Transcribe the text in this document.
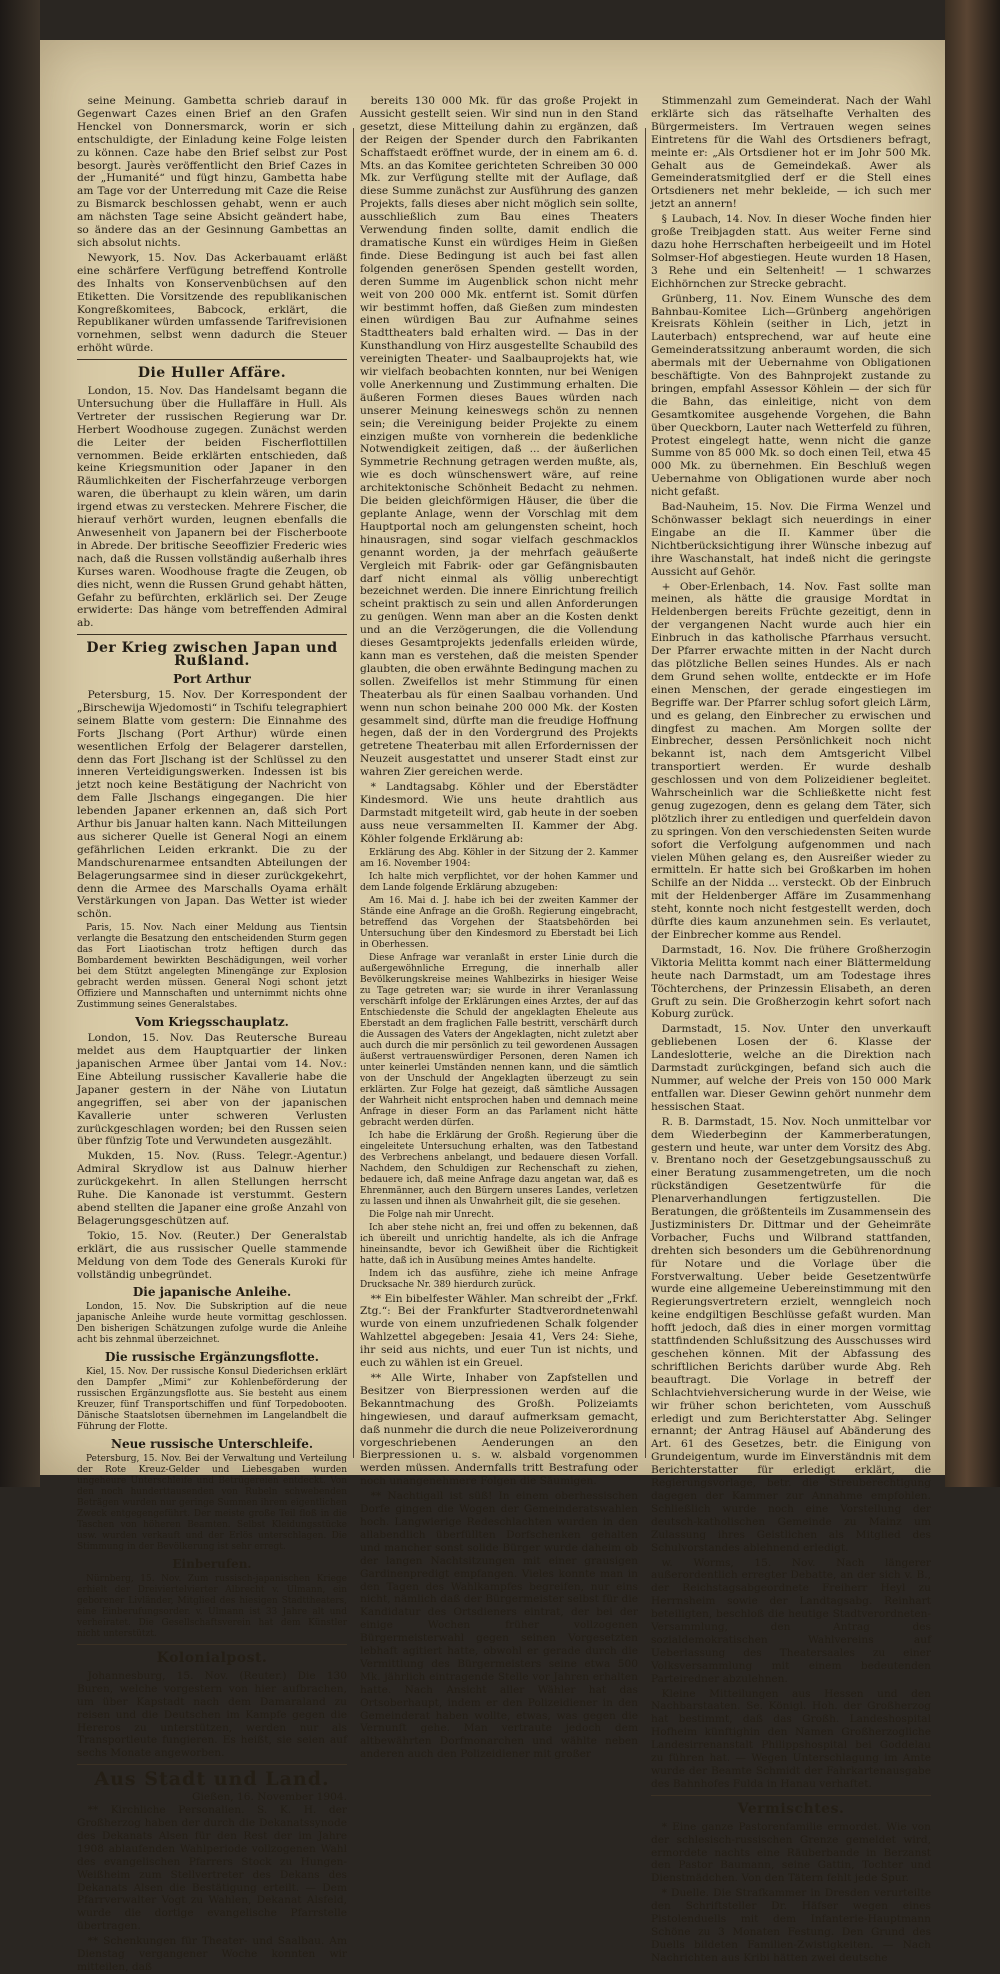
seine Meinung. Gambetta schrieb darauf in Gegenwart Cazes einen Brief an den Grafen Henckel von Donnersmarck, worin er sich entschuldigte, der Einladung keine Folge leisten zu können. Caze habe den Brief selbst zur Post besorgt. Jaurès veröffentlicht den Brief Cazes in der „Humanité“ und fügt hinzu, Gambetta habe am Tage vor der Unterredung mit Caze die Reise zu Bismarck beschlossen gehabt, wenn er auch am nächsten Tage seine Absicht geändert habe, so ändere das an der Gesinnung Gambettas an sich absolut nichts.

Newyork, 15. Nov. Das Ackerbauamt erläßt eine schärfere Verfügung betreffend Kontrolle des Inhalts von Konservenbüchsen auf den Etiketten. Die Vorsitzende des republikanischen Kongreßkomitees, Babcock, erklärt, die Republikaner würden umfassende Tarifrevisionen vornehmen, selbst wenn dadurch die Steuer erhöht würde.

Die Huller Affäre.

London, 15. Nov. Das Handelsamt begann die Untersuchung über die Hullaffäre in Hull. Als Vertreter der russischen Regierung war Dr. Herbert Woodhouse zugegen. Zunächst werden die Leiter der beiden Fischerflottillen vernommen. Beide erklärten entschieden, daß keine Kriegsmunition oder Japaner in den Räumlichkeiten der Fischerfahrzeuge verborgen waren, die überhaupt zu klein wären, um darin irgend etwas zu verstecken. Mehrere Fischer, die hierauf verhört wurden, leugnen ebenfalls die Anwesenheit von Japanern bei der Fischerboote in Abrede. Der britische Seeoffizier Frederic wies nach, daß die Russen vollständig außerhalb ihres Kurses waren. Woodhouse fragte die Zeugen, ob dies nicht, wenn die Russen Grund gehabt hätten, Gefahr zu befürchten, erklärlich sei. Der Zeuge erwiderte: Das hänge vom betreffenden Admiral ab.

Der Krieg zwischen Japan und Rußland.
Port Arthur

Petersburg, 15. Nov. Der Korrespondent der „Birschewija Wjedomosti“ in Tschifu telegraphiert seinem Blatte vom gestern: Die Einnahme des Forts Jlschang (Port Arthur) würde einen wesentlichen Erfolg der Belagerer darstellen, denn das Fort Jlschang ist der Schlüssel zu den inneren Verteidigungswerken. Indessen ist bis jetzt noch keine Bestätigung der Nachricht von dem Falle Jlschangs eingegangen. Die hier lebenden Japaner erkennen an, daß sich Port Arthur bis Januar halten kann. Nach Mitteilungen aus sicherer Quelle ist General Nogi an einem gefährlichen Leiden erkrankt. Die zu der Mandschurenarmee entsandten Abteilungen der Belagerungsarmee sind in dieser zurückgekehrt, denn die Armee des Marschalls Oyama erhält Verstärkungen von Japan. Das Wetter ist wieder schön.

Paris, 15. Nov. Nach einer Meldung aus Tientsin verlangte die Besatzung den entscheidenden Sturm gegen das Fort Liaotischan trotz heftigen durch das Bombardement bewirkten Beschädigungen, weil vorher bei dem Stützt angelegten Minengänge zur Explosion gebracht werden müssen. General Nogi schont jetzt Offiziere und Mannschaften und unternimmt nichts ohne Zustimmung seines Generalstabes.

Vom Kriegsschauplatz.

London, 15. Nov. Das Reutersche Bureau meldet aus dem Hauptquartier der linken japanischen Armee über Jantai vom 14. Nov.: Eine Abteilung russischer Kavallerie habe die Japaner gestern in der Nähe von Liutatun angegriffen, sei aber von der japanischen Kavallerie unter schweren Verlusten zurückgeschlagen worden; bei den Russen seien über fünfzig Tote und Verwundeten ausgezählt.

Mukden, 15. Nov. (Russ. Telegr.-Agentur.) Admiral Skrydlow ist aus Dalnuw hierher zurückgekehrt. In allen Stellungen herrscht Ruhe. Die Kanonade ist verstummt. Gestern abend stellten die Japaner eine große Anzahl von Belagerungsgeschützen auf.

Tokio, 15. Nov. (Reuter.) Der Generalstab erklärt, die aus russischer Quelle stammende Meldung von dem Tode des Generals Kuroki für vollständig unbegründet.

Die japanische Anleihe.

London, 15. Nov. Die Subskription auf die neue japanische Anleihe wurde heute vormittag geschlossen. Den bisherigen Schätzungen zufolge wurde die Anleihe acht bis zehnmal überzeichnet.

Die russische Ergänzungsflotte.

Kiel, 15. Nov. Der russische Konsul Diederichsen erklärt den Dampfer „Mimi“ zur Kohlenbeförderung der russischen Ergänzungsflotte aus. Sie besteht aus einem Kreuzer, fünf Transportschiffen und fünf Torpedobooten. Dänische Staatslotsen übernehmen im Langelandbelt die Führung der Flotte.

Neue russische Unterschleife.

Petersburg, 15. Nov. Bei der Verwaltung und Verteilung der Rote Kreuz-Gelder und Liebesgaben wurden ungeheure Unterschleife und Betrügereien entdeckt. Von den noch hunderttausenden von Rubeln schwebenden Beträgen wurden nur geringe Summen ihrem eigentlichen Zweck entgegengeführt. Der meiste große Teil floß in die Taschen von höheren Beamten. Selbst Kleidungsstücke usw. wurden verkauft und der Erlös unterschlagen. Die Stimmung in der Bevölkerung ist sehr erregt.

Einberufen.

Nürnberg, 15. Nov. Zum russisch-japanischen Kriege erhielt der Dreiviertelvierter Albrecht v. Ulmann, ein geborener Livländer, Mitglied des hiesigen Stadttheaters, eine Einberufungsorder. v. Ulmann ist 33 Jahre alt und verheiratet. Die Gesellschaftsverein hat dem Künstler nicht unterstützt.

Kolonialpost.

Johannesburg, 15. Nov. (Reuter.) Die 130 Buren, welche vorgestern von hier aufbrachen, um über Kapstadt nach dem Damaraland zu reisen und die Deutschen im Kampfe gegen die Hereros zu unterstützen, werden nur als Transportleute fungieren. Es heißt, sie seien auf sechs Monate angeworben.

Aus Stadt und Land.
Gießen, 16. November 1904.

** Kirchliche Personalien. S. K. H. der Großherzog haben der durch die Dekanatssynode des Dekanats Alsen für den Rest der im Jahre 1908 ablaufenden Wahlperiode vollzogenen Wahl des evangelischen Pfarrers Stock zu Hungen-Weißheim zum Stellvertreter des Dekans des Dekanats Alsen die Bestätigung erteilt. — Dem Pfarrverwalter Vogt zu Wahlen, Dekanat Alsfeld, wurde die dortige evangelische Pfarrstelle übertragen.

** Schenkungen für Theater- und Saalbau. Am Dienstag vergangener Woche konnten wir mitteilen, daß

bereits 130 000 Mk. für das große Projekt in Aussicht gestellt seien. Wir sind nun in den Stand gesetzt, diese Mitteilung dahin zu ergänzen, daß der Reigen der Spender durch den Fabrikanten Schaffstaedt eröffnet wurde, der in einem am 6. d. Mts. an das Komitee gerichteten Schreiben 30 000 Mk. zur Verfügung stellte mit der Auflage, daß diese Summe zunächst zur Ausführung des ganzen Projekts, falls dieses aber nicht möglich sein sollte, ausschließlich zum Bau eines Theaters Verwendung finden sollte, damit endlich die dramatische Kunst ein würdiges Heim in Gießen finde. Diese Bedingung ist auch bei fast allen folgenden generösen Spenden gestellt worden, deren Summe im Augenblick schon nicht mehr weit von 200 000 Mk. entfernt ist. Somit dürfen wir bestimmt hoffen, daß Gießen zum mindesten einen würdigen Bau zur Aufnahme seines Stadttheaters bald erhalten wird. — Das in der Kunsthandlung von Hirz ausgestellte Schaubild des vereinigten Theater- und Saalbauprojekts hat, wie wir vielfach beobachten konnten, nur bei Wenigen volle Anerkennung und Zustimmung erhalten. Die äußeren Formen dieses Baues würden nach unserer Meinung keineswegs schön zu nennen sein; die Vereinigung beider Projekte zu einem einzigen mußte von vornherein die bedenkliche Notwendigkeit zeitigen, daß ... der äußerlichen Symmetrie Rechnung getragen werden mußte, als, wie es doch wünschenswert wäre, auf reine architektonische Schönheit Bedacht zu nehmen. Die beiden gleichförmigen Häuser, die über die geplante Anlage, wenn der Vorschlag mit dem Hauptportal noch am gelungensten scheint, hoch hinausragen, sind sogar vielfach geschmacklos genannt worden, ja der mehrfach geäußerte Vergleich mit Fabrik- oder gar Gefängnisbauten darf nicht einmal als völlig unberechtigt bezeichnet werden. Die innere Einrichtung freilich scheint praktisch zu sein und allen Anforderungen zu genügen. Wenn man aber an die Kosten denkt und an die Verzögerungen, die die Vollendung dieses Gesamtprojekts jedenfalls erleiden würde, kann man es verstehen, daß die meisten Spender glaubten, die oben erwähnte Bedingung machen zu sollen. Zweifellos ist mehr Stimmung für einen Theaterbau als für einen Saalbau vorhanden. Und wenn nun schon beinahe 200 000 Mk. der Kosten gesammelt sind, dürfte man die freudige Hoffnung hegen, daß der in den Vordergrund des Projekts getretene Theaterbau mit allen Erfordernissen der Neuzeit ausgestattet und unserer Stadt einst zur wahren Zier gereichen werde.

* Landtagsabg. Köhler und der Eberstädter Kindesmord. Wie uns heute drahtlich aus Darmstadt mitgeteilt wird, gab heute in der soeben auss neue versammelten II. Kammer der Abg. Köhler folgende Erklärung ab:

Erklärung des Abg. Köhler in der Sitzung der 2. Kammer am 16. November 1904:

Ich halte mich verpflichtet, vor der hohen Kammer und dem Lande folgende Erklärung abzugeben:

Am 16. Mai d. J. habe ich bei der zweiten Kammer der Stände eine Anfrage an die Großh. Regierung eingebracht, betreffend das Vorgehen der Staatsbehörden bei Untersuchung über den Kindesmord zu Eberstadt bei Lich in Oberhessen.

Diese Anfrage war veranlaßt in erster Linie durch die außergewöhnliche Erregung, die innerhalb aller Bevölkerungskreise meines Wahlbezirks in hiesiger Weise zu Tage getreten war; sie wurde in ihrer Veranlassung verschärft infolge der Erklärungen eines Arztes, der auf das Entschiedenste die Schuld der angeklagten Eheleute aus Eberstadt an dem fraglichen Falle bestritt, verschärft durch die Aussagen des Vaters der Angeklagten, nicht zuletzt aber auch durch die mir persönlich zu teil gewordenen Aussagen äußerst vertrauenswürdiger Personen, deren Namen ich unter keinerlei Umständen nennen kann, und die sämtlich von der Unschuld der Angeklagten überzeugt zu sein erklärten. Zur Folge hat gezeigt, daß sämtliche Aussagen der Wahrheit nicht entsprochen haben und demnach meine Anfrage in dieser Form an das Parlament nicht hätte gebracht werden dürfen.

Ich habe die Erklärung der Großh. Regierung über die eingeleitete Untersuchung erhalten, was den Tatbestand des Verbrechens anbelangt, und bedauere diesen Vorfall. Nachdem, den Schuldigen zur Rechenschaft zu ziehen, bedauere ich, daß meine Anfrage dazu angetan war, daß es Ehrenmänner, auch den Bürgern unseres Landes, verletzen zu lassen und ihnen als Unwahrheit gilt, die sie gesehen.

Die Folge nah mir Unrecht.

Ich aber stehe nicht an, frei und offen zu bekennen, daß ich übereilt und unrichtig handelte, als ich die Anfrage hineinsandte, bevor ich Gewißheit über die Richtigkeit hatte, daß ich in Ausübung meines Amtes handelte.

Indem ich das ausführe, ziehe ich meine Anfrage Drucksache Nr. 389 hierdurch zurück.

** Ein bibelfester Wähler. Man schreibt der „Frkf. Ztg.“: Bei der Frankfurter Stadtverordnetenwahl wurde von einem unzufriedenen Schalk folgender Wahlzettel abgegeben: Jesaia 41, Vers 24: Siehe, ihr seid aus nichts, und euer Tun ist nichts, und euch zu wählen ist ein Greuel.

** Alle Wirte, Inhaber von Zapfstellen und Besitzer von Bierpressionen werden auf die Bekanntmachung des Großh. Polizeiamts hingewiesen, und darauf aufmerksam gemacht, daß nunmehr die durch die neue Polizeiverordnung vorgeschriebenen Aenderungen an den Bierpressionen u. s. w. alsbald vorgenommen werden müssen. Andernfalls tritt Bestrafung oder noch unangenehmere Folgen die Säumigen.

** Nachtigall ist süß! In einem oberhessischen Dorfe gingen die Wogen der Gemeinderatswahlen hoch. Langwierige Redeschlachten wurden in den allabendlich überfüllten Dorfschenken gehalten und mancher sonst solide Bürger wurde daheim ob der langen Nachtsitzungen mit einer grausigen Gardinenpredigt empfangen. Vieles konnte man in den Tagen des Wahlkampfes begreifen, nur eins nicht, nämlich daß der Bürgermeister selbst für die Kandidatur des Ortsdieners eintrat, der bei der einige Wochen früher vollzogenen Bürgermeisterwahl gegen seinen Vorgesetzten lebhaft agitiert hatte, obwohl er gerade durch die Vermittlung des Bürgermeisters seine etwa 500 Mk. jährlich eintragende Stelle vor Jahren erhalten hatte. Nach Ansicht aller Wähler hat das Ortsoberhaupt, indem er den Polizeidiener in den Gemeinderat haben wollte, etwas, was gegen die Vernunft gehe. Man vertraute jedoch dem altbewährten Dorfmonarchen und wählte neben anderen auch den Polizeidiener mit großer

Stimmenzahl zum Gemeinderat. Nach der Wahl erklärte sich das rätselhafte Verhalten des Bürgermeisters. Im Vertrauen wegen seines Eintretens für die Wahl des Ortsdieners befragt, meinte er: „Als Ortsdiener hot er im Johr 500 Mk. Gehalt aus de Gemeindekaß. Awer als Gemeinderatsmitglied derf er die Stell eines Ortsdieners net mehr bekleide, — ich such mer jetzt an annern!

§ Laubach, 14. Nov. In dieser Woche finden hier große Treibjagden statt. Aus weiter Ferne sind dazu hohe Herrschaften herbeigeeilt und im Hotel Solmser-Hof abgestiegen. Heute wurden 18 Hasen, 3 Rehe und ein Seltenheit! — 1 schwarzes Eichhörnchen zur Strecke gebracht.

Grünberg, 11. Nov. Einem Wunsche des dem Bahnbau-Komitee Lich—Grünberg angehörigen Kreisrats Köhlein (seither in Lich, jetzt in Lauterbach) entsprechend, war auf heute eine Gemeinderatssitzung anberaumt worden, die sich abermals mit der Uebernahme von Obligationen beschäftigte. Von des Bahnprojekt zustande zu bringen, empfahl Assessor Köhlein — der sich für die Bahn, das einleitige, nicht von dem Gesamtkomitee ausgehende Vorgehen, die Bahn über Queckborn, Lauter nach Wetterfeld zu führen, Protest eingelegt hatte, wenn nicht die ganze Summe von 85 000 Mk. so doch einen Teil, etwa 45 000 Mk. zu übernehmen. Ein Beschluß wegen Uebernahme von Obligationen wurde aber noch nicht gefaßt.

Bad-Nauheim, 15. Nov. Die Firma Wenzel und Schönwasser beklagt sich neuerdings in einer Eingabe an die II. Kammer über die Nichtberücksichtigung ihrer Wünsche inbezug auf ihre Waschanstalt, hat indeß nicht die geringste Aussicht auf Gehör.

+ Ober-Erlenbach, 14. Nov. Fast sollte man meinen, als hätte die grausige Mordtat in Heldenbergen bereits Früchte gezeitigt, denn in der vergangenen Nacht wurde auch hier ein Einbruch in das katholische Pfarrhaus versucht. Der Pfarrer erwachte mitten in der Nacht durch das plötzliche Bellen seines Hundes. Als er nach dem Grund sehen wollte, entdeckte er im Hofe einen Menschen, der gerade eingestiegen im Begriffe war. Der Pfarrer schlug sofort gleich Lärm, und es gelang, den Einbrecher zu erwischen und dingfest zu machen. Am Morgen sollte der Einbrecher, dessen Persönlichkeit noch nicht bekannt ist, nach dem Amtsgericht Vilbel transportiert werden. Er wurde deshalb geschlossen und von dem Polizeidiener begleitet. Wahrscheinlich war die Schließkette nicht fest genug zugezogen, denn es gelang dem Täter, sich plötzlich ihrer zu entledigen und querfeldein davon zu springen. Von den verschiedensten Seiten wurde sofort die Verfolgung aufgenommen und nach vielen Mühen gelang es, den Ausreißer wieder zu ermitteln. Er hatte sich bei Großkarben im hohen Schilfe an der Nidda ... versteckt. Ob der Einbruch mit der Heldenberger Affäre im Zusammenhang steht, konnte noch nicht festgestellt werden, doch dürfte dies kaum anzunehmen sein. Es verlautet, der Einbrecher komme aus Rendel.

Darmstadt, 16. Nov. Die frühere Großherzogin Viktoria Melitta kommt nach einer Blättermeldung heute nach Darmstadt, um am Todestage ihres Töchterchens, der Prinzessin Elisabeth, an deren Gruft zu sein. Die Großherzogin kehrt sofort nach Koburg zurück.

Darmstadt, 15. Nov. Unter den unverkauft gebliebenen Losen der 6. Klasse der Landeslotterie, welche an die Direktion nach Darmstadt zurückgingen, befand sich auch die Nummer, auf welche der Preis von 150 000 Mark entfallen war. Dieser Gewinn gehört nunmehr dem hessischen Staat.

R. B. Darmstadt, 15. Nov. Noch unmittelbar vor dem Wiederbeginn der Kammerberatungen, gestern und heute, war unter dem Vorsitz des Abg. v. Brentano noch der Gesetzgebungsausschuß zu einer Beratung zusammengetreten, um die noch rückständigen Gesetzentwürfe für die Plenarverhandlungen fertigzustellen. Die Beratungen, die größtenteils im Zusammensein des Justizministers Dr. Dittmar und der Geheimräte Vorbacher, Fuchs und Wilbrand stattfanden, drehten sich besonders um die Gebührenordnung für Notare und die Vorlage über die Forstverwaltung. Ueber beide Gesetzentwürfe wurde eine allgemeine Uebereinstimmung mit den Regierungsvertretern erzielt, wenngleich noch keine endgiltigen Beschlüsse gefaßt wurden. Man hofft jedoch, daß dies in einer morgen vormittag stattfindenden Schlußsitzung des Ausschusses wird geschehen können. Mit der Abfassung des schriftlichen Berichts darüber wurde Abg. Reh beauftragt. Die Vorlage in betreff der Schlachtviehversicherung wurde in der Weise, wie wir früher schon berichteten, vom Ausschuß erledigt und zum Berichterstatter Abg. Selinger ernannt; der Antrag Häusel auf Abänderung des Art. 61 des Gesetzes, betr. die Einigung von Grundeigentum, wurde im Einverständnis mit dem Berichterstatter für erledigt erklärt, die Regierungsvorlage, betr. die Streuberechtigung dagegen der Kammer zur Annahme empfohlen. Schließlich wurde noch eine Vorstellung der deutsch-katholischen Gemeinde zu Mainz um Zulassung ihres Geistlichen als Mitglied des Schulvorstandes ablehnend erledigt.

w. Worms, 15. Nov. Nach längerer außerordentlich erregter Debatte, an der sich v. B., der Reichstagsabgeordnete Freiherr Heyl zu Herrnsheim sowie der Landtagsabg. Reinhart beteiligten, beschloß die heutige Stadtverordneten-Versammlung, den Antrag des sozialdemokratischen Wahlvereins auf Ueberlassung des Theatersaales zu einer Volksversammlung mit einem bedeutenden Parteiredner abzulehnen.

Kleine Mitteilungen aus Hessen und den Nachbarstaaten. Se. Königl. Hoh. der Großherzog hat bestimmt, daß das Großh. Landeshospital Hofheim künftighin den Namen Großherzogliche Landesirrenanstalt Philippshospital bei Goddelau zu führen hat. — Wegen Unterschlagung im Amte wurde der Beamte Schmidt der Fahrkartenausgabe des Bahnhofes Fulda in Hanau verhaftet.

Vermischtes.

* Eine ganze Pastorenfamilie ermordet. Wie von der schlesisch-russischen Grenze gemeldet wird, ermordete nachts eine Räuberbande in Berzanst den Pastor Baumann, seine Gattin, Tochter und Dienstmädchen. Von den Tätern fehlt jede Spur.

* Duelle. Die Strafkammer in Dresden verurteilte den Schriftsteller Dr. Häfser wegen eines Pistolenduells mit dem Infanterie-Hauptmann Schöne zu 3 Monaten Festung. Den Grund des Duells bildeten Familien-Zwistigkeiten. — Nach Nachrichten aus Kribi hätten zwei deutsche
